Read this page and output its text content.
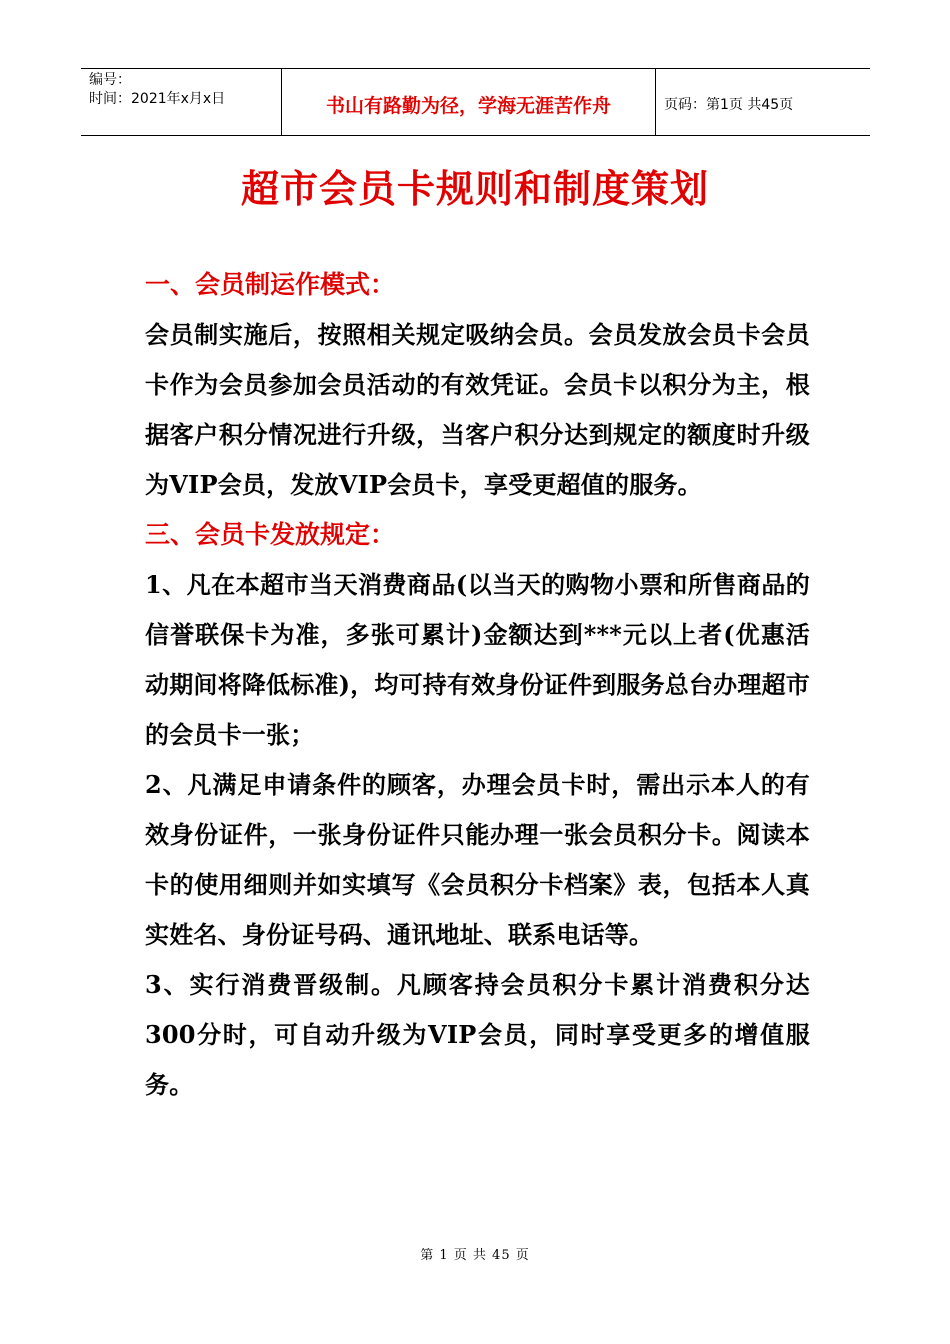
编号：
时间：2021年x月x日	书山有路勤为径，学海无涯苦作舟	页码：第1页 共45页
超市会员卡规则和制度策划
一、会员制运作模式：

会员制实施后，按照相关规定吸纳会员。会员发放会员卡会员卡作为会员参加会员活动的有效凭证。会员卡以积分为主，根据客户积分情况进行升级，当客户积分达到规定的额度时升级为VIP会员，发放VIP会员卡，享受更超值的服务。

三、会员卡发放规定：

1、凡在本超市当天消费商品(以当天的购物小票和所售商品的信誉联保卡为准，多张可累计)金额达到***元以上者(优惠活动期间将降低标准)，均可持有效身份证件到服务总台办理超市的会员卡一张；

2、凡满足申请条件的顾客，办理会员卡时，需出示本人的有效身份证件，一张身份证件只能办理一张会员积分卡。阅读本卡的使用细则并如实填写《会员积分卡档案》表，包括本人真实姓名、身份证号码、通讯地址、联系电话等。

3、实行消费晋级制。凡顾客持会员积分卡累计消费积分达300分时，可自动升级为VIP会员，同时享受更多的增值服务。

第 1 页 共 45 页
